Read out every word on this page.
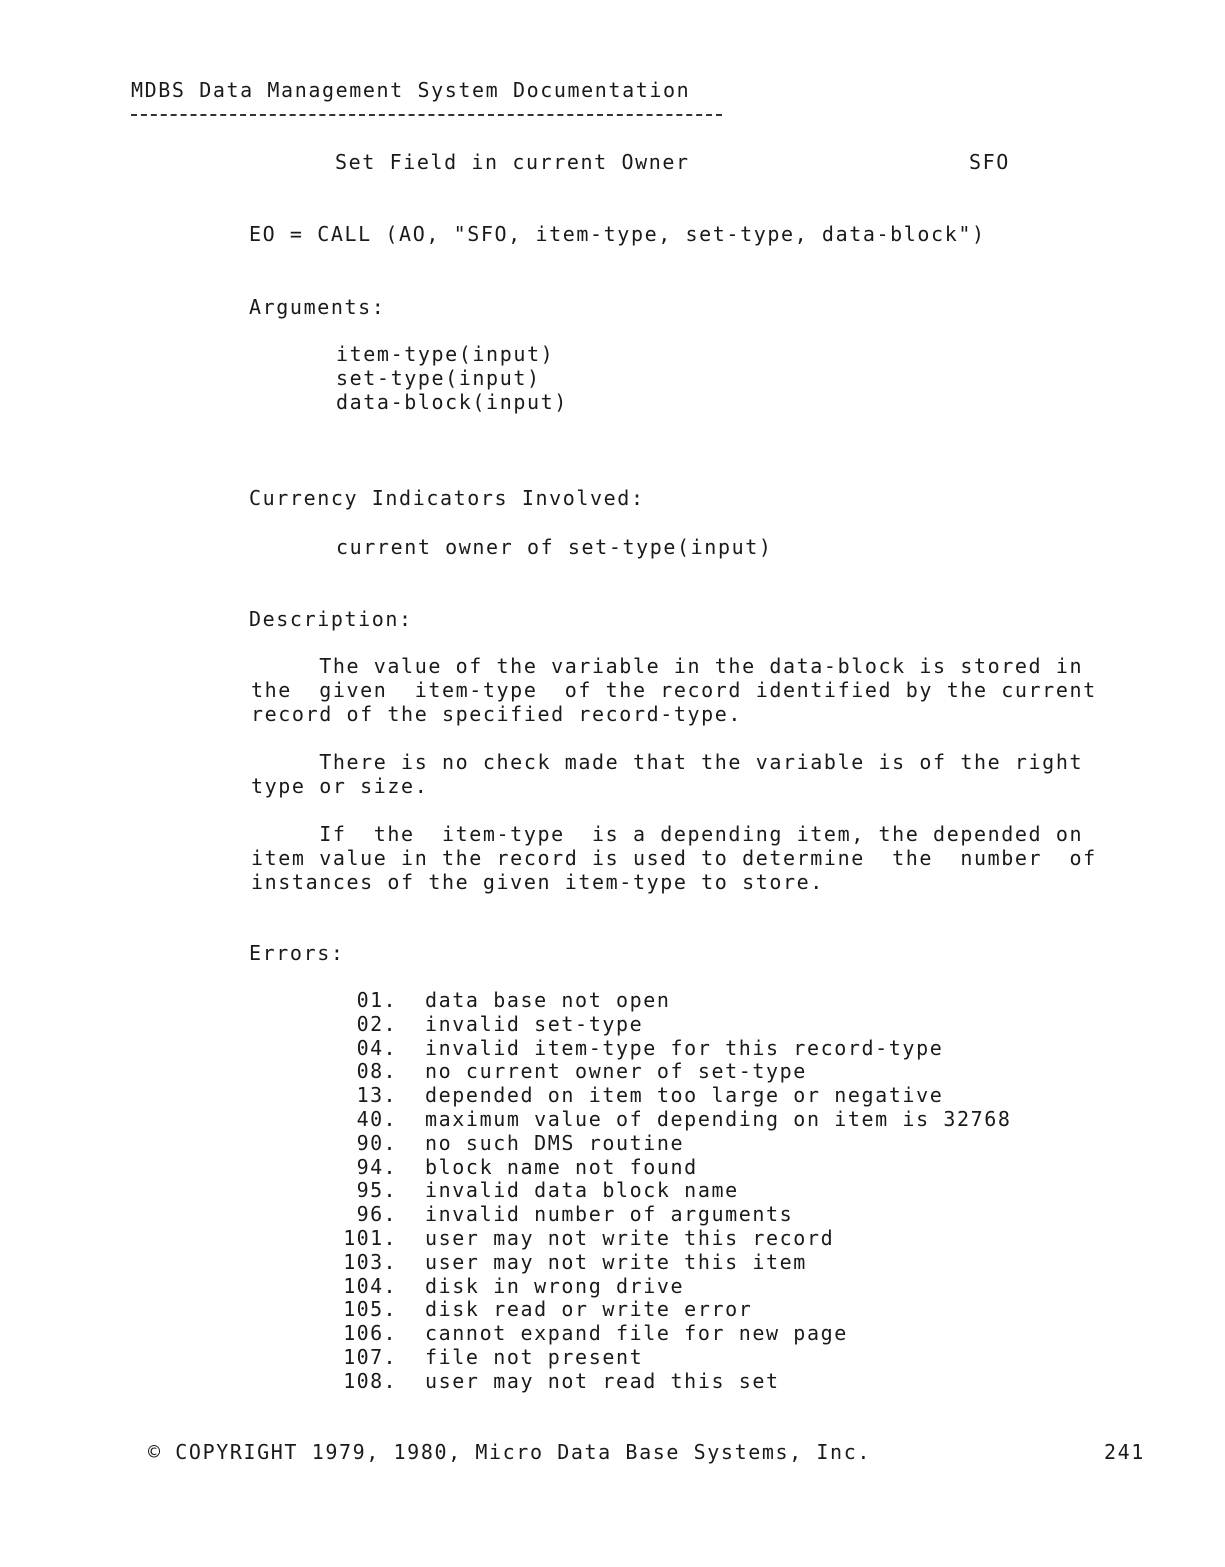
MDBS Data Management System Documentation

Set Field in current Owner	SFO

EO = CALL (AO, "SFO, item-type, set-type, data-block")

Arguments:

item-type(input)

set-type(input)

data-block(input)

Currency Indicators Involved:

current owner of set-type(input)

Description:

The value of the variable in the data-block is stored in

the  given  item-type  of the record identified by the current

record of the specified record-type.

There is no check made that the variable is of the right

type or size.

If  the  item-type  is a depending item, the depended on

item value in the record is used to determine  the  number  of

instances of the given item-type to store.

Errors:

01. data base not open
02. invalid set-type
04. invalid item-type for this record-type
08. no current owner of set-type
13. depended on item too large or negative
40. maximum value of depending on item is 32768
90. no such DMS routine
94. block name not found
95. invalid data block name
96. invalid number of arguments
101. user may not write this record
103. user may not write this item
104. disk in wrong drive
105. disk read or write error
106. cannot expand file for new page
107. file not present
108. user may not read this set

© COPYRIGHT 1979, 1980, Micro Data Base Systems, Inc.	241
